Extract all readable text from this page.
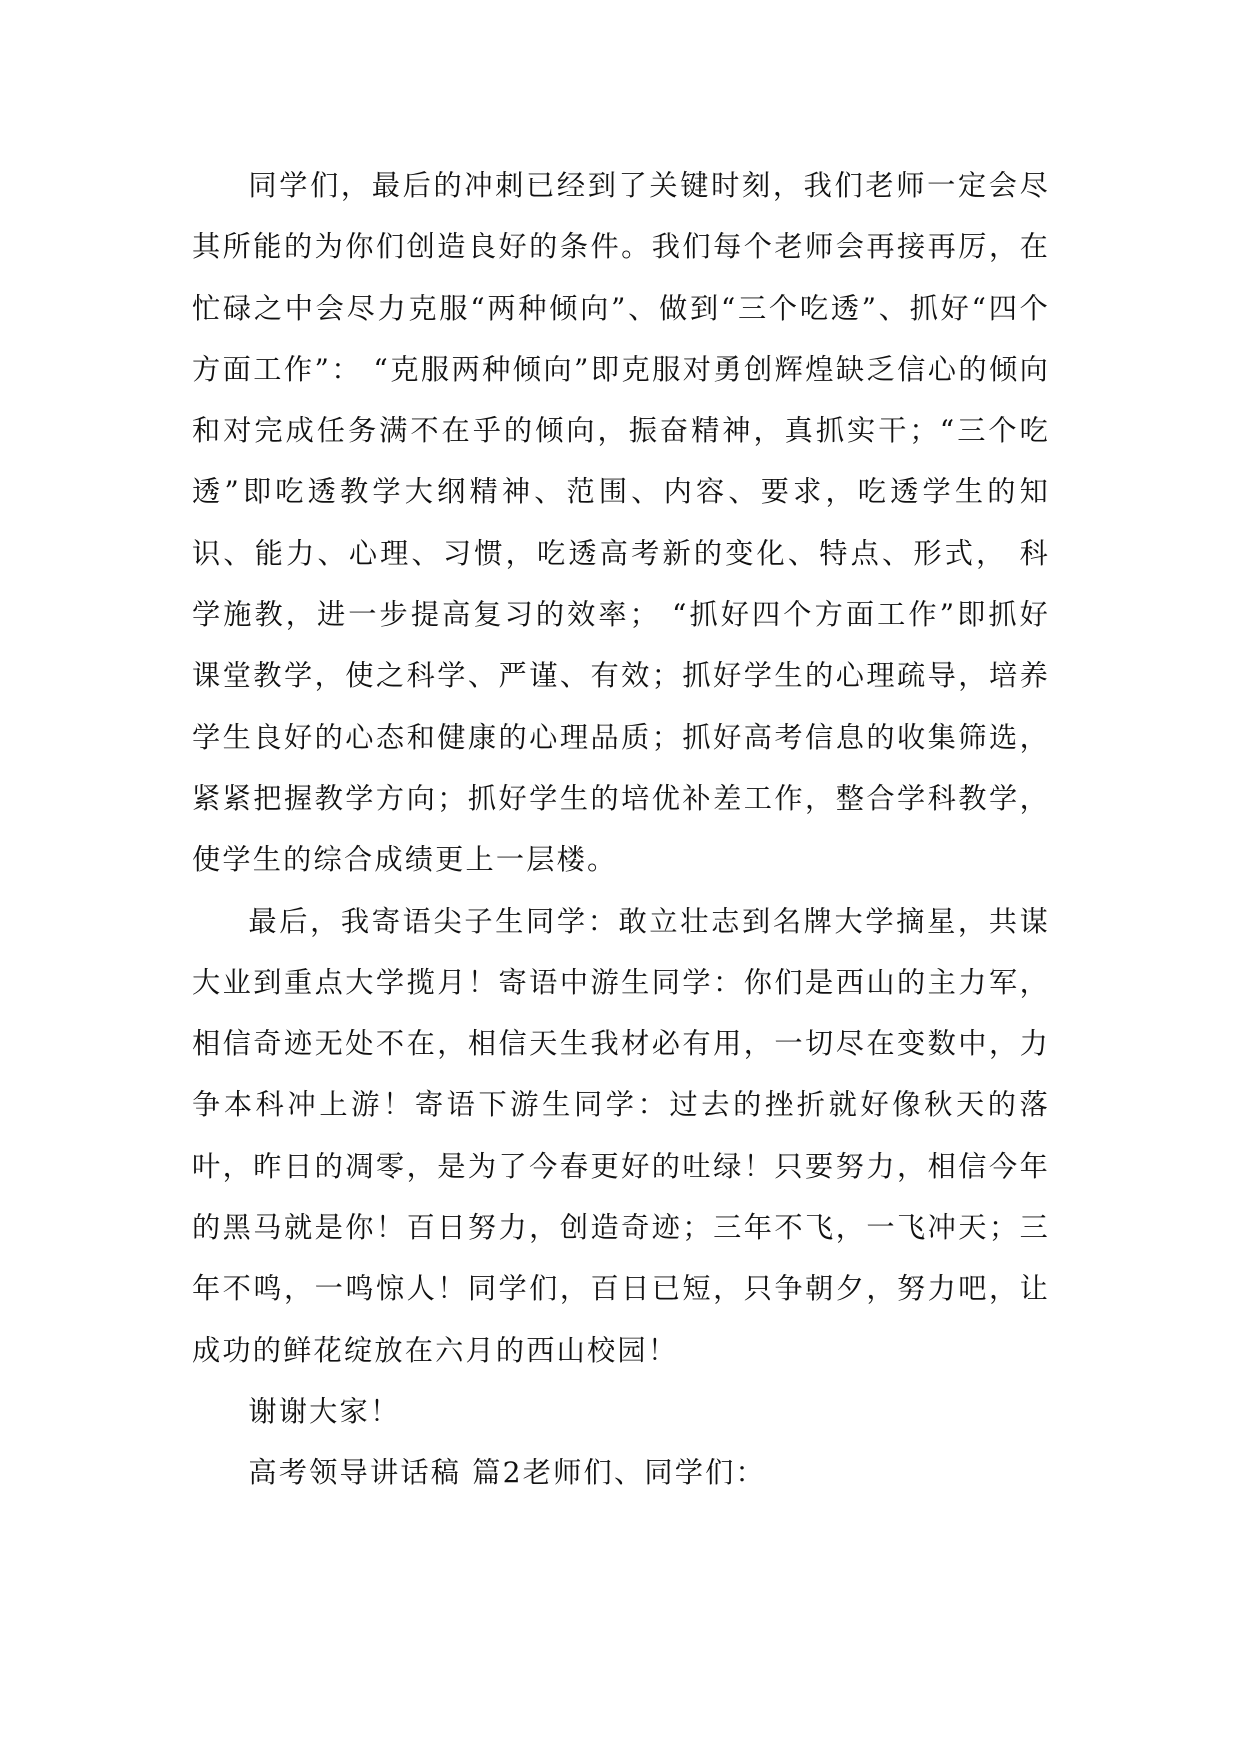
同学们，最后的冲刺已经到了关键时刻，我们老师一定会尽其所能的为你们创造良好的条件。我们每个老师会再接再厉，在忙碌之中会尽力克服“两种倾向”、做到“三个吃透”、抓好“四个方面工作”： “克服两种倾向”即克服对勇创辉煌缺乏信心的倾向和对完成任务满不在乎的倾向，振奋精神，真抓实干；“三个吃透”即吃透教学大纲精神、范围、内容、要求，吃透学生的知识、能力、心理、习惯，吃透高考新的变化、特点、形式， 科学施教，进一步提高复习的效率； “抓好四个方面工作”即抓好课堂教学，使之科学、严谨、有效；抓好学生的心理疏导，培养学生良好的心态和健康的心理品质；抓好高考信息的收集筛选，紧紧把握教学方向；抓好学生的培优补差工作，整合学科教学，使学生的综合成绩更上一层楼。

最后，我寄语尖子生同学：敢立壮志到名牌大学摘星，共谋大业到重点大学揽月！寄语中游生同学：你们是西山的主力军，相信奇迹无处不在，相信天生我材必有用，一切尽在变数中，力争本科冲上游！寄语下游生同学：过去的挫折就好像秋天的落叶，昨日的凋零，是为了今春更好的吐绿！只要努力，相信今年的黑马就是你！百日努力，创造奇迹；三年不飞，一飞冲天；三年不鸣，一鸣惊人！同学们，百日已短，只争朝夕，努力吧，让成功的鲜花绽放在六月的西山校园！

谢谢大家！

高考领导讲话稿 篇2老师们、同学们：
